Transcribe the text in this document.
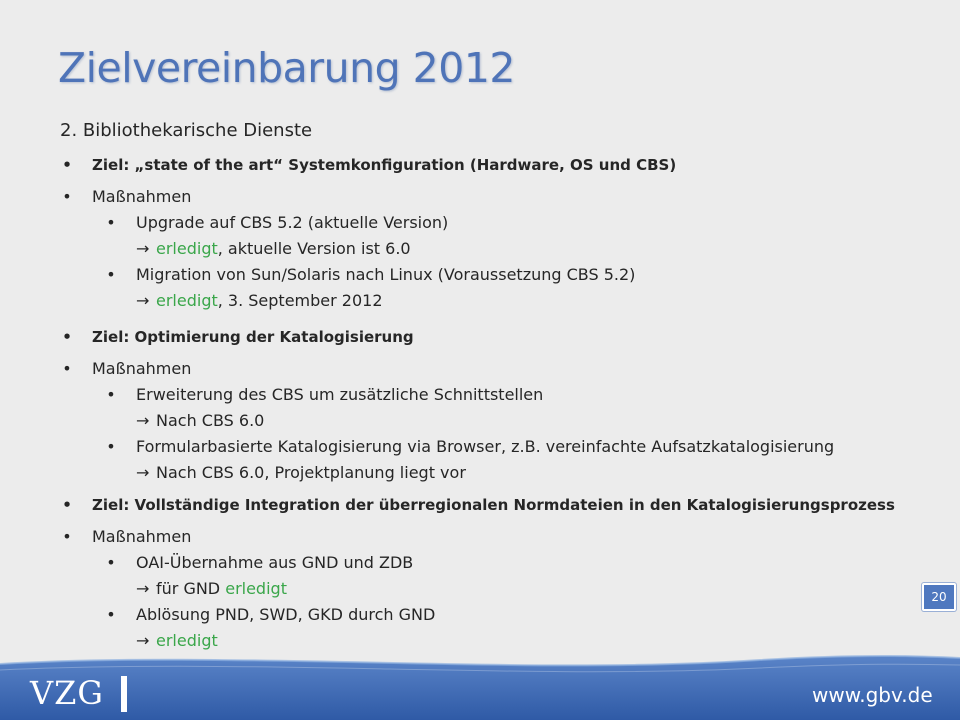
Zielvereinbarung 2012
2. Bibliothekarische Dienste
• Ziel: „state of the art“ Systemkonfiguration (Hardware, OS und CBS)
• Maßnahmen
• Upgrade auf CBS 5.2 (aktuelle Version)
→ erledigt, aktuelle Version ist 6.0
• Migration von Sun/Solaris nach Linux (Voraussetzung CBS 5.2)
→ erledigt, 3. September 2012
• Ziel: Optimierung der Katalogisierung
• Maßnahmen
• Erweiterung des CBS um zusätzliche Schnittstellen
→ Nach CBS 6.0
• Formularbasierte Katalogisierung via Browser, z.B. vereinfachte Aufsatzkatalogisierung
→ Nach CBS 6.0, Projektplanung liegt vor
• Ziel: Vollständige Integration der überregionalen Normdateien in den Katalogisierungsprozess
• Maßnahmen
• OAI-Übernahme aus GND und ZDB
→ für GND erledigt
• Ablösung PND, SWD, GKD durch GND
→ erledigt
20
VZG	www.gbv.de
